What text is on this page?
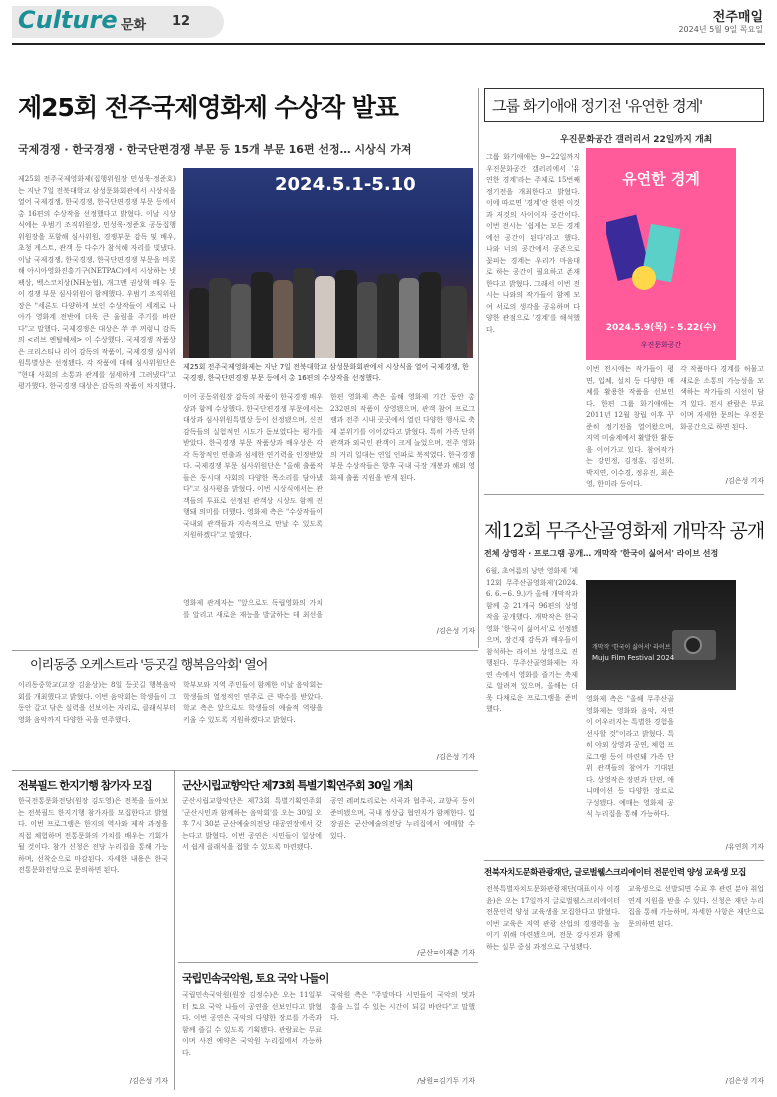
Culture 문화 12	전주매일
2024년 5월 9일 목요일
제25회 전주국제영화제 수상작 발표
국제경쟁 · 한국경쟁 · 한국단편경쟁 부문 등 15개 부문 16편 선정… 시상식 가져
2024.5.1-5.10
제25회 전주국제영화제는 지난 7일 전북대학교 삼성문화회관에서 시상식을 열어 국제경쟁, 한국경쟁, 한국단편경쟁 부문 등에서 총 16편의 수상작을 선정했다.
제25회 전주국제영화제(집행위원장 민성욱·정준호)는 지난 7일 전북대학교 삼성문화회관에서 시상식을 열어 국제경쟁, 한국경쟁, 한국단편경쟁 부문 등에서 총 16편의 수상작을 선정했다고 밝혔다. 이날 시상식에는 우범기 조직위원장, 민성욱·정준호 공동집행위원장을 포함해 심사위원, 경쟁부문 감독 및 배우, 초청 게스트, 관객 등 다수가 참석해 자리를 빛냈다. 이날 국제경쟁, 한국경쟁, 한국단편경쟁 부문을 비롯해 아시아영화진흥기구(NETPAC)에서 시상하는 넷팩상, 벡스코치상(NH농협), 개그맨 권상혁 배우 등이 경쟁 부문 심사위원이 함께했다. 우범기 조직위원장은 "세론도 다양하게 보인 수상작들이 세계로 나아가 영화계 전반에 더욱 큰 울림을 주기를 바란다"고 말했다. 국제경쟁은 대상은 쑤 쑤 꺼렁니 감독의 <러브 엔탈헤셰> 이 수상했다. 국제경쟁 작품상은 크리스티나 리어 감독의 작품이, 국제경쟁 심사위원특별상은 선정됐다. 각 작품에 대해 심사위원단은 "현대 사회의 소통과 관계를 섬세하게 그려냈다"고 평가했다. 한국경쟁 대상은 감독의 작품이 차지했다.
이어 공동위원장 감독의 작품이 한국경쟁 배우상과 함께 수상했다. 한국단편경쟁 부문에서는 대상과 심사위원특별상 등이 선정됐으며, 신진 감독들의 실험적인 시도가 돋보였다는 평가를 받았다. 한국경쟁 부문 작품상과 배우상은 각각 독창적인 연출과 섬세한 연기력을 인정받았다. 국제경쟁 부문 심사위원단은 "올해 출품작들은 동시대 사회의 다양한 목소리를 담아냈다"고 심사평을 밝혔다. 이번 시상식에서는 관객들의 투표로 선정된 관객상 시상도 함께 진행돼 의미를 더했다. 영화제 측은 "수상작들이 국내외 관객들과 지속적으로 만날 수 있도록 지원하겠다"고 말했다.
한편 영화제 측은 올해 영화제 기간 동안 총 232편의 작품이 상영됐으며, 관객 참여 프로그램과 전주 시내 곳곳에서 열린 다양한 행사로 축제 분위기를 이어갔다고 밝혔다. 특히 가족 단위 관객과 외국인 관객이 크게 늘었으며, 전주 영화의 거리 일대는 연일 인파로 북적였다. 한국경쟁 부문 수상작들은 향후 국내 극장 개봉과 해외 영화제 출품 지원을 받게 된다.
/김은성 기자
영화제 관계자는 "앞으로도 독립영화의 가치를 알리고 새로운 재능을 발굴하는 데 최선을
그룹 화기애애 정기전 '유연한 경계'
우진문화공간 갤러리서 22일까지 개최
그룹 화기애애는 9~22일까지 우진문화공간 갤러리에서 '유연한 경계'라는 주제로 15번째 정기전을 개최한다고 밝혔다. 이에 따르면 '경계'란 한편 이것과 저것의 사이이자 중간이다. 이번 전시는 '쉽게는 모든 경계에선 공간이 된다'라고 했다. 나와 너의 공간에서 공존으로 꽃피는 경계는 우리가 마음대로 하는 공간이 필요하고 존재한다고 밝혔다. 그래서 이번 전시는 나와의 작가들이 함께 모여 서로의 생각을 공유하며 다양한 관점으로 '경계'를 해석했다.
유연한 경계
2024.5.9(목) - 5.22(수)
우진문화공간
이번 전시에는 작가들이 평면, 입체, 설치 등 다양한 매체를 활용한 작품을 선보인다. 한편 그룹 화기애애는 2011년 12월 창립 이후 꾸준히 정기전을 열어왔으며, 지역 미술계에서 활발한 활동을 이어가고 있다. 참여작가는 강민정, 김정훈, 김선희, 박지연, 이수경, 정유진, 최은영, 한미라 등이다.
각 작품마다 경계를 허물고 새로운 소통의 가능성을 모색하는 작가들의 시선이 담겨 있다. 전시 관람은 무료이며 자세한 문의는 우진문화공간으로 하면 된다.
/김은성 기자
제12회 무주산골영화제 개막작 공개
전체 상영작 · 프로그램 공개… 개막작 '한국이 싫어서' 라이브 선정
6월, 초여름의 낭만 영화제 '제12회 무주산골영화제'(2024. 6. 6.~6. 9.)가 올해 개막작과 함께 총 21개국 96편의 상영작을 공개했다. 개막작은 한국 영화 '한국이 싫어서'로 선정됐으며, 장건재 감독과 배우들이 참석하는 라이브 상영으로 진행된다. 무주산골영화제는 자연 속에서 영화를 즐기는 축제로 알려져 있으며, 올해는 더욱 다채로운 프로그램을 준비했다.
개막작 '한국이 싫어서' 라이브
Muju Film Festival 2024
영화제 측은 "올해 무주산골영화제는 영화와 음악, 자연이 어우러지는 특별한 경험을 선사할 것"이라고 밝혔다. 특히 야외 상영과 공연, 체험 프로그램 등이 마련돼 가족 단위 관객들의 참여가 기대된다. 상영작은 장편과 단편, 애니메이션 등 다양한 장르로 구성됐다. 예매는 영화제 공식 누리집을 통해 가능하다.
/유연희 기자
이리동중 오케스트라 '등곳길 행복음악회' 열어
이리동중학교(교장 김윤상)는 8일 등곳길 행복음악회를 개최했다고 밝혔다. 이번 음악회는 학생들이 그동안 갈고 닦은 실력을 선보이는 자리로, 클래식부터 영화 음악까지 다양한 곡을 연주했다.
학부모와 지역 주민들이 함께한 이날 음악회는 학생들의 열정적인 연주로 큰 박수를 받았다. 학교 측은 앞으로도 학생들의 예술적 역량을 키울 수 있도록 지원하겠다고 밝혔다.
/김은성 기자
전북필드 한지기행 참가자 모집
한국전통문화전당(원장 김도영)은 전북을 돌아보는 전북필드 한지기행 참가자를 모집한다고 밝혔다. 이번 프로그램은 한지의 역사와 제작 과정을 직접 체험하며 전통문화의 가치를 배우는 기회가 될 것이다. 참가 신청은 전당 누리집을 통해 가능하며, 선착순으로 마감된다. 자세한 내용은 한국전통문화전당으로 문의하면 된다.
/김은성 기자
군산시립교향악단 제73회 특별기획연주회 30일 개최
군산시립교향악단은 제73회 특별기획연주회 '군산시민과 함께하는 음악회'를 오는 30일 오후 7시 30분 군산예술의전당 대공연장에서 갖는다고 밝혔다. 이번 공연은 시민들이 일상에서 쉽게 클래식을 접할 수 있도록 마련됐다.
공연 레퍼토리로는 서곡과 협주곡, 교향곡 등이 준비됐으며, 국내 정상급 협연자가 함께한다. 입장권은 군산예술의전당 누리집에서 예매할 수 있다.
/군산=이재춘 기자
국립민속국악원, 토요 국악 나들이
국립민속국악원(원장 김정수)은 오는 11일부터 토요 국악 나들이 공연을 선보인다고 밝혔다. 이번 공연은 국악의 다양한 장르를 가족과 함께 즐길 수 있도록 기획됐다. 관람료는 무료이며 사전 예약은 국악원 누리집에서 가능하다.
국악원 측은 "주말마다 시민들이 국악의 멋과 흥을 느낄 수 있는 시간이 되길 바란다"고 말했다.
/남원=김기두 기자
전북자치도문화관광재단, 글로벌웰스크리에이터 전문인력 양성 교육생 모집
전북특별자치도문화관광재단(대표이사 이경윤)은 오는 17일까지 글로벌웰스크리에이터 전문인력 양성 교육생을 모집한다고 밝혔다. 이번 교육은 지역 관광 산업의 경쟁력을 높이기 위해 마련됐으며, 전문 강사진과 함께하는 실무 중심 과정으로 구성됐다.
교육생으로 선발되면 수료 후 관련 분야 취업 연계 지원을 받을 수 있다. 신청은 재단 누리집을 통해 가능하며, 자세한 사항은 재단으로 문의하면 된다.
/김은성 기자
